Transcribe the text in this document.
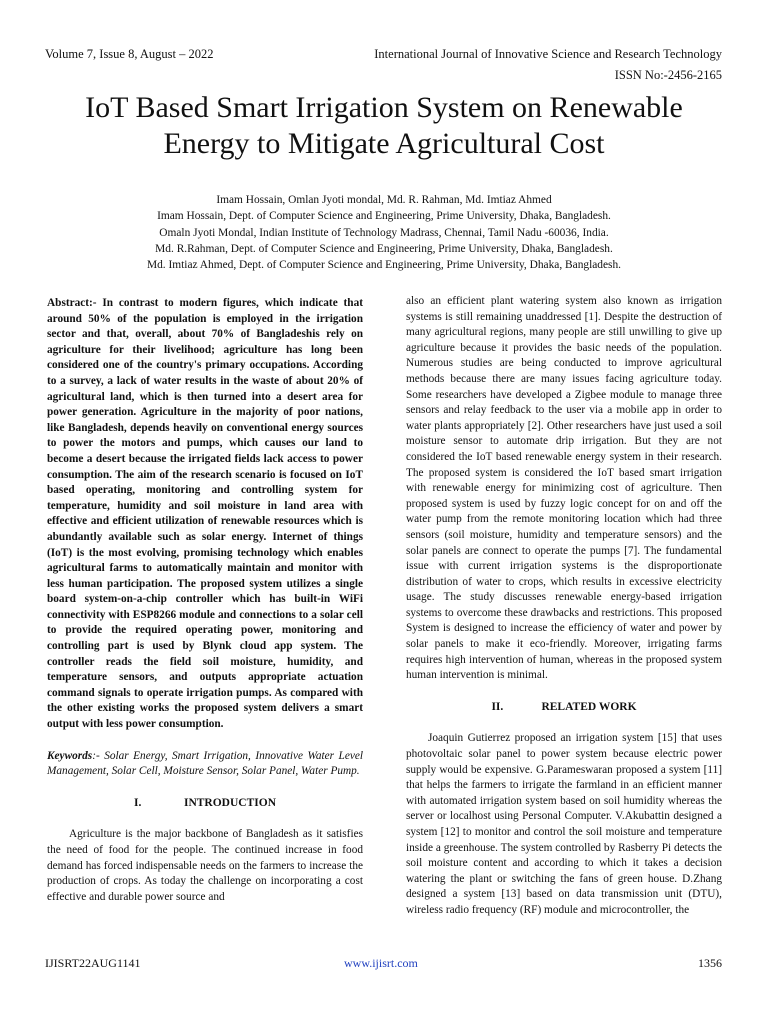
Volume 7, Issue 8, August – 2022	International Journal of Innovative Science and Research Technology
ISSN No:-2456-2165
IoT Based Smart Irrigation System on Renewable
Energy to Mitigate Agricultural Cost
Imam Hossain, Omlan Jyoti mondal, Md. R. Rahman, Md. Imtiaz Ahmed
Imam Hossain, Dept. of Computer Science and Engineering, Prime University, Dhaka, Bangladesh.
Omaln Jyoti Mondal, Indian Institute of Technology Madrass, Chennai, Tamil Nadu -60036, India.
Md. R.Rahman, Dept. of Computer Science and Engineering, Prime University, Dhaka, Bangladesh.
Md. Imtiaz Ahmed, Dept. of Computer Science and Engineering, Prime University, Dhaka, Bangladesh.

Abstract:- In contrast to modern figures, which indicate that around 50% of the population is employed in the irrigation sector and that, overall, about 70% of Bangladeshis rely on agriculture for their livelihood; agriculture has long been considered one of the country's primary occupations. According to a survey, a lack of water results in the waste of about 20% of agricultural land, which is then turned into a desert area for power generation. Agriculture in the majority of poor nations, like Bangladesh, depends heavily on conventional energy sources to power the motors and pumps, which causes our land to become a desert because the irrigated fields lack access to power consumption. The aim of the research scenario is focused on IoT based operating, monitoring and controlling system for temperature, humidity and soil moisture in land area with effective and efficient utilization of renewable resources which is abundantly available such as solar energy. Internet of things (IoT) is the most evolving, promising technology which enables agricultural farms to automatically maintain and monitor with less human participation. The proposed system utilizes a single board system-on-a-chip controller which has built-in WiFi connectivity with ESP8266 module and connections to a solar cell to provide the required operating power, monitoring and controlling part is used by Blynk cloud app system. The controller reads the field soil moisture, humidity, and temperature sensors, and outputs appropriate actuation command signals to operate irrigation pumps. As compared with the other existing works the proposed system delivers a smart output with less power consumption.

Keywords:- Solar Energy, Smart Irrigation, Innovative Water Level Management, Solar Cell, Moisture Sensor, Solar Panel, Water Pump.

I.	INTRODUCTION

Agriculture is the major backbone of Bangladesh as it satisfies the need of food for the people. The continued increase in food demand has forced indispensable needs on the farmers to increase the production of crops. As today the challenge on incorporating a cost effective and durable power source and

also an efficient plant watering system also known as irrigation systems is still remaining unaddressed [1]. Despite the destruction of many agricultural regions, many people are still unwilling to give up agriculture because it provides the basic needs of the population. Numerous studies are being conducted to improve agricultural methods because there are many issues facing agriculture today. Some researchers have developed a Zigbee module to manage three sensors and relay feedback to the user via a mobile app in order to water plants appropriately [2]. Other researchers have just used a soil moisture sensor to automate drip irrigation. But they are not considered the IoT based renewable energy system in their research. The proposed system is considered the IoT based smart irrigation with renewable energy for minimizing cost of agriculture. Then proposed system is used by fuzzy logic concept for on and off the water pump from the remote monitoring location which had three sensors (soil moisture, humidity and temperature sensors) and the solar panels are connect to operate the pumps [7]. The fundamental issue with current irrigation systems is the disproportionate distribution of water to crops, which results in excessive electricity usage. The study discusses renewable energy-based irrigation systems to overcome these drawbacks and restrictions. This proposed System is designed to increase the efficiency of water and power by solar panels to make it eco-friendly. Moreover, irrigating farms requires high intervention of human, whereas in the proposed system human intervention is minimal.

II.	RELATED WORK

Joaquin Gutierrez proposed an irrigation system [15] that uses photovoltaic solar panel to power system because electric power supply would be expensive. G.Parameswaran proposed a system [11] that helps the farmers to irrigate the farmland in an efficient manner with automated irrigation system based on soil humidity whereas the server or localhost using Personal Computer. V.Akubattin designed a system [12] to monitor and control the soil moisture and temperature inside a greenhouse. The system controlled by Rasberry Pi detects the soil moisture content and according to which it takes a decision watering the plant or switching the fans of green house. D.Zhang designed a system [13] based on data transmission unit (DTU), wireless radio frequency (RF) module and microcontroller, the

IJISRT22AUG1141	www.ijisrt.com	1356
